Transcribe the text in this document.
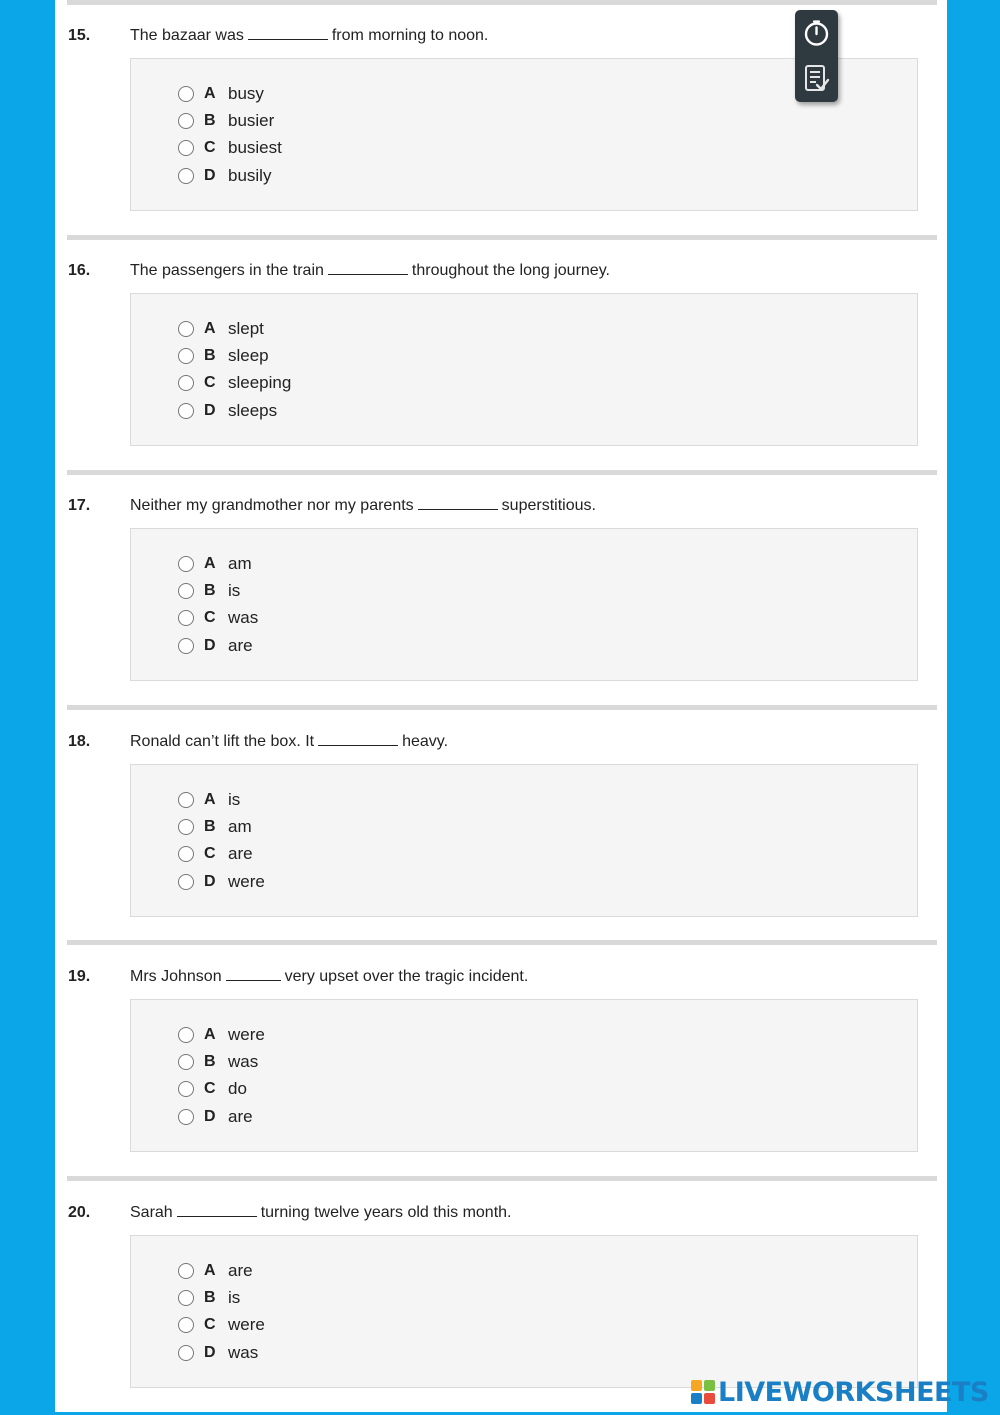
15. The bazaar was	from morning to noon.
A busy
B busier
C busiest
D busily
16. The passengers in the train	throughout the long journey.
A slept
B sleep
C sleeping
D sleeps
17. Neither my grandmother nor my parents	superstitious.
A am
B is
C was
D are
18. Ronald can’t lift the box. It	heavy.
A is
B am
C are
D were
19. Mrs Johnson	very upset over the tragic incident.
A were
B was
C do
D are
20. Sarah	turning twelve years old this month.
A are
B is
C were
D was
LIVEWORKSHEETS
